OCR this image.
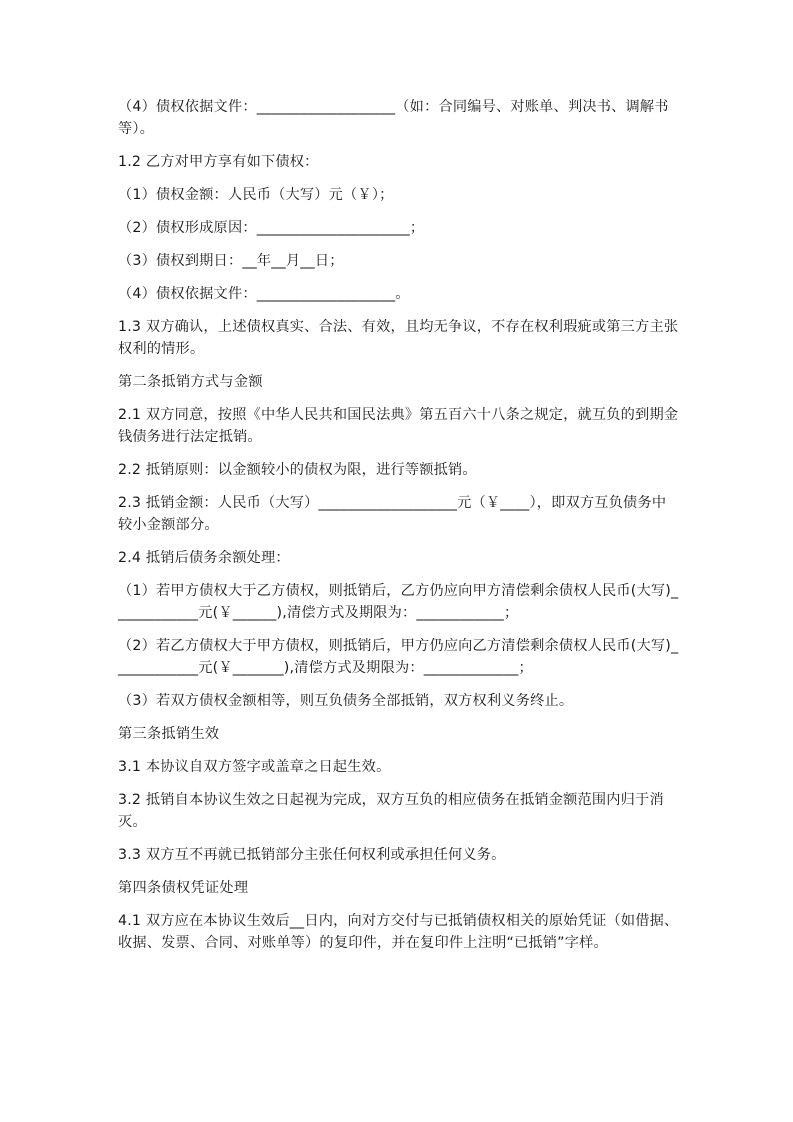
（4）债权依据文件：___________________（如：合同编号、对账单、判决书、调解书等）。

1.2 乙方对甲方享有如下债权：

（1）债权金额：人民币（大写）元（￥）；

（2）债权形成原因：_____________________；

（3）债权到期日：__年__月__日；

（4）债权依据文件：___________________。

1.3 双方确认，上述债权真实、合法、有效，且均无争议，不存在权利瑕疵或第三方主张权利的情形。

第二条抵销方式与金额

2.1 双方同意，按照《中华人民共和国民法典》第五百六十八条之规定，就互负的到期金钱债务进行法定抵销。

2.2 抵销原则：以金额较小的债权为限，进行等额抵销。

2.3 抵销金额：人民币（大写）___________________元（￥____），即双方互负债务中较小金额部分。

2.4 抵销后债务余额处理：

（1）若甲方债权大于乙方债权，则抵销后，乙方仍应向甲方清偿剩余债权人民币(大写)____________元(￥______),清偿方式及期限为：____________；

（2）若乙方债权大于甲方债权，则抵销后，甲方仍应向乙方清偿剩余债权人民币(大写)____________元(￥_______),清偿方式及期限为：_____________；

（3）若双方债权金额相等，则互负债务全部抵销，双方权利义务终止。

第三条抵销生效

3.1 本协议自双方签字或盖章之日起生效。

3.2 抵销自本协议生效之日起视为完成，双方互负的相应债务在抵销金额范围内归于消灭。

3.3 双方互不再就已抵销部分主张任何权利或承担任何义务。

第四条债权凭证处理

4.1 双方应在本协议生效后__日内，向对方交付与已抵销债权相关的原始凭证（如借据、收据、发票、合同、对账单等）的复印件，并在复印件上注明“已抵销”字样。
